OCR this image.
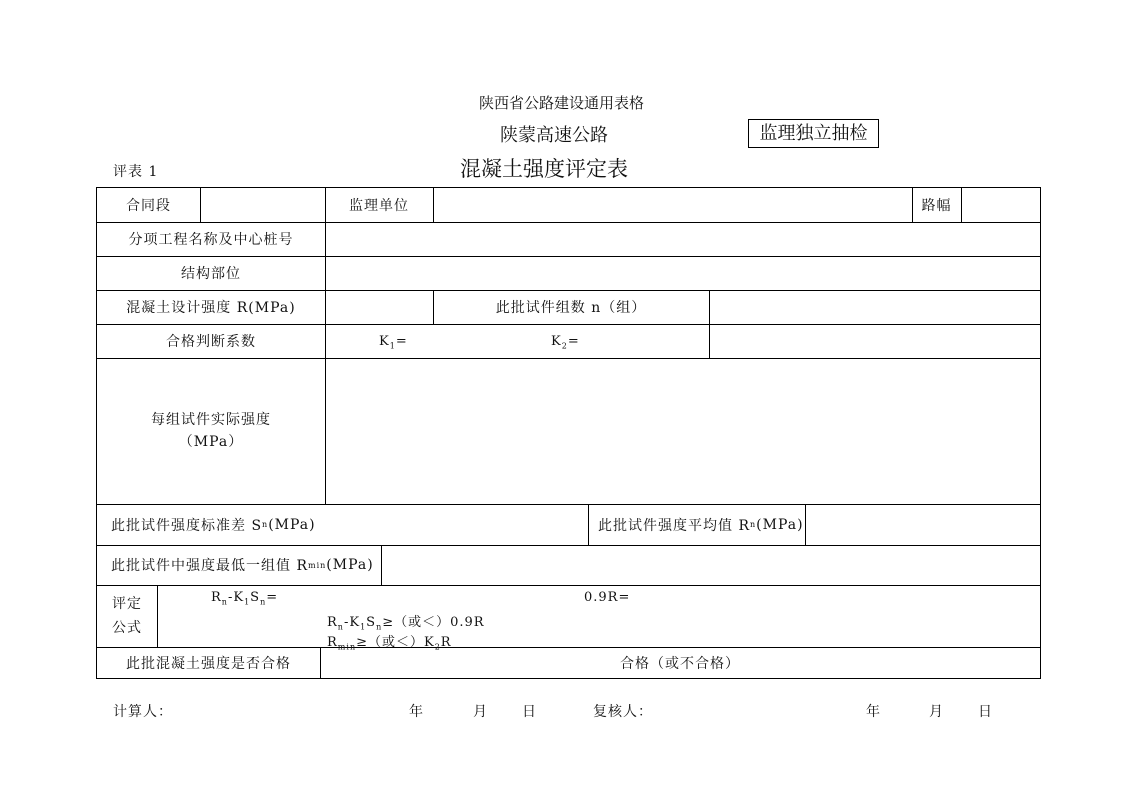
陕西省公路建设通用表格
陕蒙高速公路	监理独立抽检
评表 1	混凝土强度评定表
合同段	监理单位	路幅
分项工程名称及中心桩号
结构部位
混凝土设计强度 R(MPa)	此批试件组数 n（组）
合格判断系数	$K_1=$	$K_2=$
每组试件实际强度
（MPa）
此批试件强度标准差 S n (MPa)	此批试件强度平均值 R n (MPa)
此批试件中强度最低一组值 R min (MPa)
评定
公式
$R_n-K_1S_n=$	0.9R=
$R_n-K_1S_n\ge$（或＜）0.9R
$R_{min}\ge$（或$<)K_2R$
此批混凝土强度是否合格	合格（或不合格）
计算人：	年	月 日	复核人：	年	月 日
